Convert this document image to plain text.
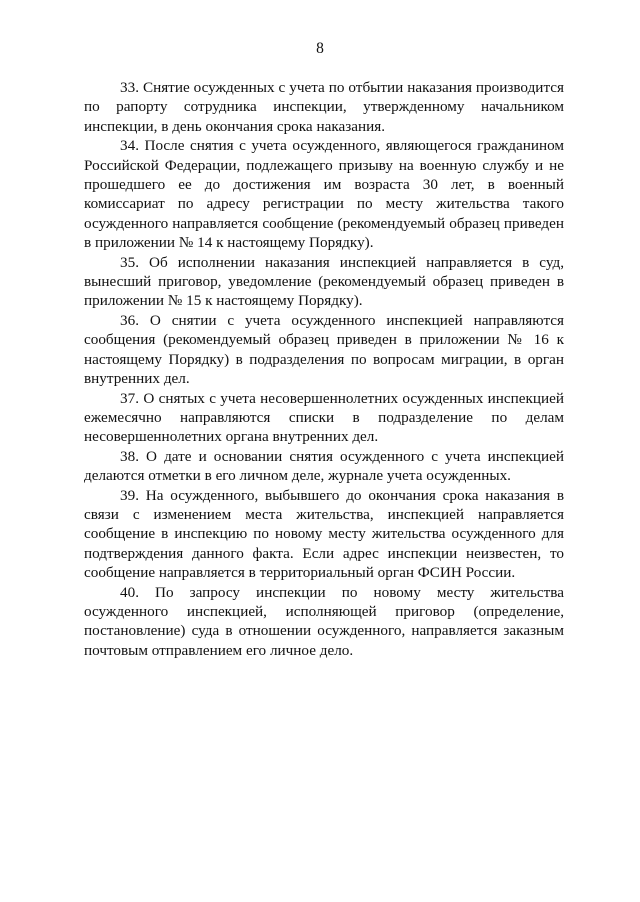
8

33. Снятие осужденных с учета по отбытии наказания производится по рапорту сотрудника инспекции, утвержденному начальником инспекции, в день окончания срока наказания.

34. После снятия с учета осужденного, являющегося гражданином Российской Федерации, подлежащего призыву на военную службу и не прошедшего ее до достижения им возраста 30 лет, в военный комиссариат по адресу регистрации по месту жительства такого осужденного направляется сообщение (рекомендуемый образец приведен в приложении № 14 к настоящему Порядку).

35. Об исполнении наказания инспекцией направляется в суд, вынесший приговор, уведомление (рекомендуемый образец приведен в приложении № 15 к настоящему Порядку).

36. О снятии с учета осужденного инспекцией направляются сообщения (рекомендуемый образец приведен в приложении № 16 к настоящему Порядку) в подразделения по вопросам миграции, в орган внутренних дел.

37. О снятых с учета несовершеннолетних осужденных инспекцией ежемесячно направляются списки в подразделение по делам несовершеннолетних органа внутренних дел.

38. О дате и основании снятия осужденного с учета инспекцией делаются отметки в его личном деле, журнале учета осужденных.

39. На осужденного, выбывшего до окончания срока наказания в связи с изменением места жительства, инспекцией направляется сообщение в инспекцию по новому месту жительства осужденного для подтверждения данного факта. Если адрес инспекции неизвестен, то сообщение направляется в территориальный орган ФСИН России.

40. По запросу инспекции по новому месту жительства осужденного инспекцией, исполняющей приговор (определение, постановление) суда в отношении осужденного, направляется заказным почтовым отправлением его личное дело.
